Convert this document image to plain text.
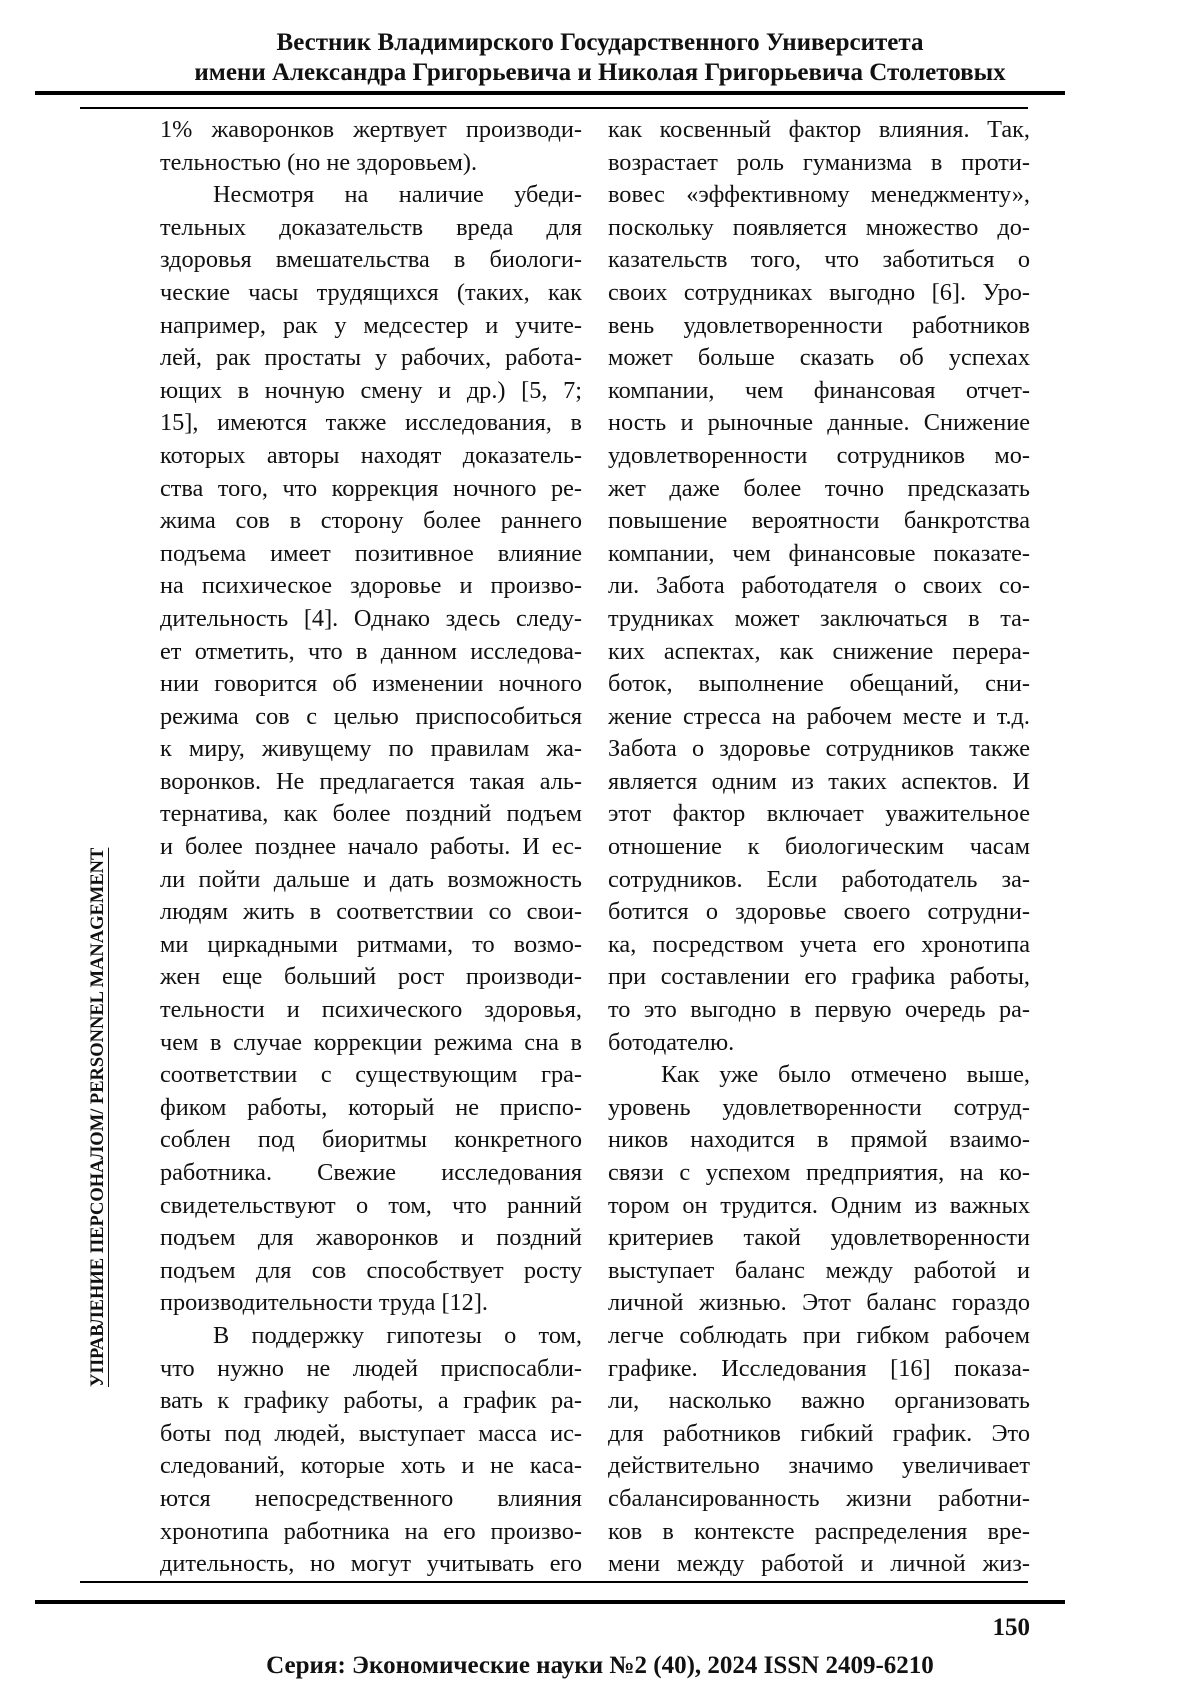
Вестник Владимирского Государственного Университета
имени Александра Григорьевича и Николая Григорьевича Столетовых
УПРАВЛЕНИЕ ПЕРСОНАЛОМ/ PERSONNEL MANAGEMENT
1% жаворонков жертвует производи-
тельностью (но не здоровьем).
Несмотря на наличие убеди-
тельных доказательств вреда для
здоровья вмешательства в биологи-
ческие часы трудящихся (таких, как
например, рак у медсестер и учите-
лей, рак простаты у рабочих, работа-
ющих в ночную смену и др.) [5, 7;
15], имеются также исследования, в
которых авторы находят доказатель-
ства того, что коррекция ночного ре-
жима сов в сторону более раннего
подъема имеет позитивное влияние
на психическое здоровье и произво-
дительность [4]. Однако здесь следу-
ет отметить, что в данном исследова-
нии говорится об изменении ночного
режима сов с целью приспособиться
к миру, живущему по правилам жа-
воронков. Не предлагается такая аль-
тернатива, как более поздний подъем
и более позднее начало работы. И ес-
ли пойти дальше и дать возможность
людям жить в соответствии со свои-
ми циркадными ритмами, то возмо-
жен еще больший рост производи-
тельности и психического здоровья,
чем в случае коррекции режима сна в
соответствии с существующим гра-
фиком работы, который не приспо-
соблен под биоритмы конкретного
работника. Свежие исследования
свидетельствуют о том, что ранний
подъем для жаворонков и поздний
подъем для сов способствует росту
производительности труда [12].
В поддержку гипотезы о том,
что нужно не людей приспосабли-
вать к графику работы, а график ра-
боты под людей, выступает масса ис-
следований, которые хоть и не каса-
ются непосредственного влияния
хронотипа работника на его произво-
дительность, но могут учитывать его
как косвенный фактор влияния. Так,
возрастает роль гуманизма в проти-
вовес «эффективному менеджменту»,
поскольку появляется множество до-
казательств того, что заботиться о
своих сотрудниках выгодно [6]. Уро-
вень удовлетворенности работников
может больше сказать об успехах
компании, чем финансовая отчет-
ность и рыночные данные. Снижение
удовлетворенности сотрудников мо-
жет даже более точно предсказать
повышение вероятности банкротства
компании, чем финансовые показате-
ли. Забота работодателя о своих со-
трудниках может заключаться в та-
ких аспектах, как снижение перера-
боток, выполнение обещаний, сни-
жение стресса на рабочем месте и т.д.
Забота о здоровье сотрудников также
является одним из таких аспектов. И
этот фактор включает уважительное
отношение к биологическим часам
сотрудников. Если работодатель за-
ботится о здоровье своего сотрудни-
ка, посредством учета его хронотипа
при составлении его графика работы,
то это выгодно в первую очередь ра-
ботодателю.
Как уже было отмечено выше,
уровень удовлетворенности сотруд-
ников находится в прямой взаимо-
связи с успехом предприятия, на ко-
тором он трудится. Одним из важных
критериев такой удовлетворенности
выступает баланс между работой и
личной жизнью. Этот баланс гораздо
легче соблюдать при гибком рабочем
графике. Исследования [16] показа-
ли, насколько важно организовать
для работников гибкий график. Это
действительно значимо увеличивает
сбалансированность жизни работни-
ков в контексте распределения вре-
мени между работой и личной жиз-
150
Серия: Экономические науки №2 (40), 2024 ISSN 2409-6210
